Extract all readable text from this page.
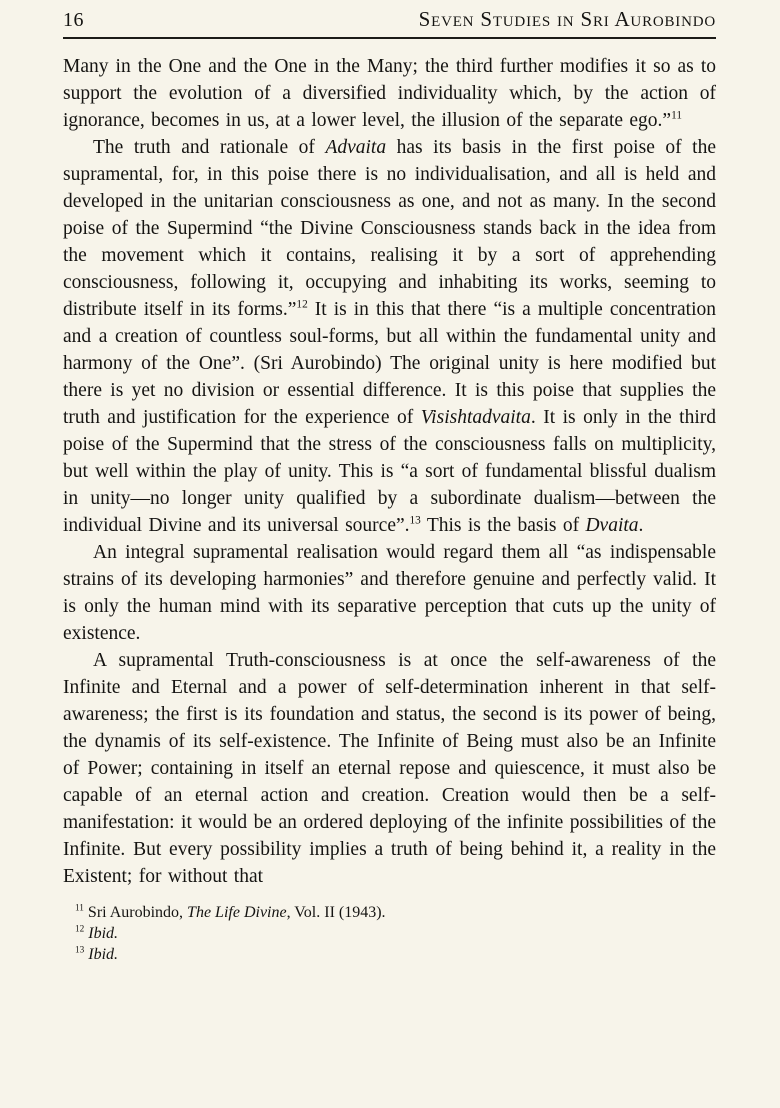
16	Seven Studies in Sri Aurobindo

Many in the One and the One in the Many; the third further modifies it so as to support the evolution of a diversified individuality which, by the action of ignorance, becomes in us, at a lower level, the illusion of the separate ego.”$^{11}$

The truth and rationale of Advaita has its basis in the first poise of the supramental, for, in this poise there is no individualisation, and all is held and developed in the unitarian consciousness as one, and not as many. In the second poise of the Supermind “the Divine Consciousness stands back in the idea from the movement which it contains, realising it by a sort of apprehending consciousness, following it, occupying and inhabiting its works, seeming to distribute itself in its forms.”$^{12}$ It is in this that there “is a multiple concentration and a creation of countless soul-forms, but all within the fundamental unity and harmony of the One”. (Sri Aurobindo) The original unity is here modified but there is yet no division or essential difference. It is this poise that supplies the truth and justification for the experience of Visishtadvaita. It is only in the third poise of the Supermind that the stress of the consciousness falls on multiplicity, but well within the play of unity. This is “a sort of fundamental blissful dualism in unity—no longer unity qualified by a subordinate dualism—between the individual Divine and its universal source”.$^{13}$ This is the basis of Dvaita.

An integral supramental realisation would regard them all “as indispensable strains of its developing harmonies” and therefore genuine and perfectly valid. It is only the human mind with its separative perception that cuts up the unity of existence.

A supramental Truth-consciousness is at once the self-awareness of the Infinite and Eternal and a power of self-determination inherent in that self-awareness; the first is its foundation and status, the second is its power of being, the dynamis of its self-existence. The Infinite of Being must also be an Infinite of Power; containing in itself an eternal repose and quiescence, it must also be capable of an eternal action and creation. Creation would then be a self-manifestation: it would be an ordered deploying of the infinite possibilities of the Infinite. But every possibility implies a truth of being behind it, a reality in the Existent; for without that

$^{11}$ Sri Aurobindo, The Life Divine, Vol. II (1943).
$^{12}$ Ibid.
$^{13}$ Ibid.
